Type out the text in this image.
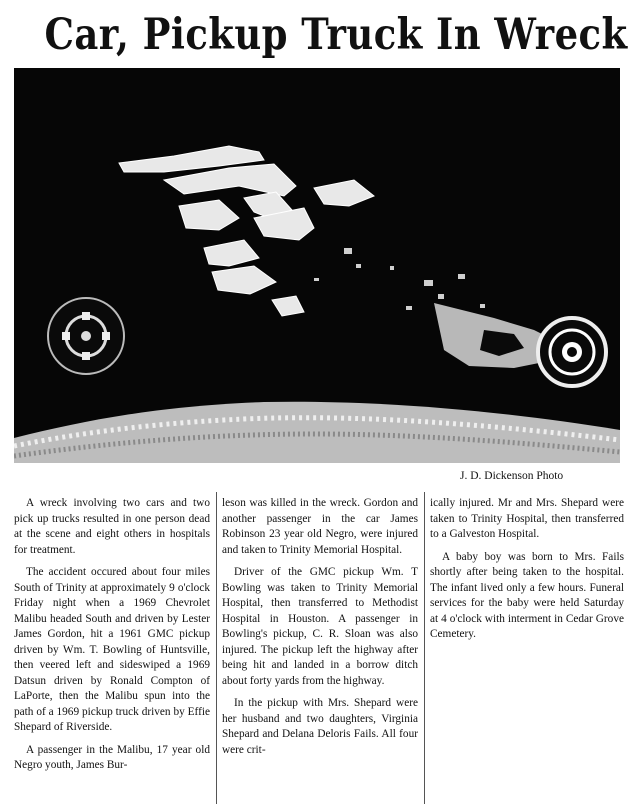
Car, Pickup Truck In Wreck
J. D. Dickenson Photo

A wreck involving two cars and two pick up trucks resulted in one person dead at the scene and eight others in hospitals for treatment.

The accident occured about four miles South of Trinity at approximately 9 o'clock Friday night when a 1969 Chevrolet Malibu headed South and driven by Lester James Gordon, hit a 1961 GMC pickup driven by Wm. T. Bowling of Huntsville, then veered left and sideswiped a 1969 Datsun driven by Ronald Compton of LaPorte, then the Malibu spun into the path of a 1969 pickup truck driven by Effie Shepard of Riverside.

A passenger in the Malibu, 17 year old Negro youth, James Bur-

leson was killed in the wreck. Gordon and another passenger in the car James Robinson 23 year old Negro, were injured and taken to Trinity Memorial Hospital.

Driver of the GMC pickup Wm. T Bowling was taken to Trinity Memorial Hospital, then transferred to Methodist Hospital in Houston. A passenger in Bowling's pickup, C. R. Sloan was also injured. The pickup left the highway after being hit and landed in a borrow ditch about forty yards from the highway.

In the pickup with Mrs. Shepard were her husband and two daughters, Virginia Shepard and Delana Deloris Fails. All four were crit-

ically injured. Mr and Mrs. Shepard were taken to Trinity Hospital, then transferred to a Galveston Hospital.

A baby boy was born to Mrs. Fails shortly after being taken to the hospital. The infant lived only a few hours. Funeral services for the baby were held Saturday at 4 o'clock with interment in Cedar Grove Cemetery.
